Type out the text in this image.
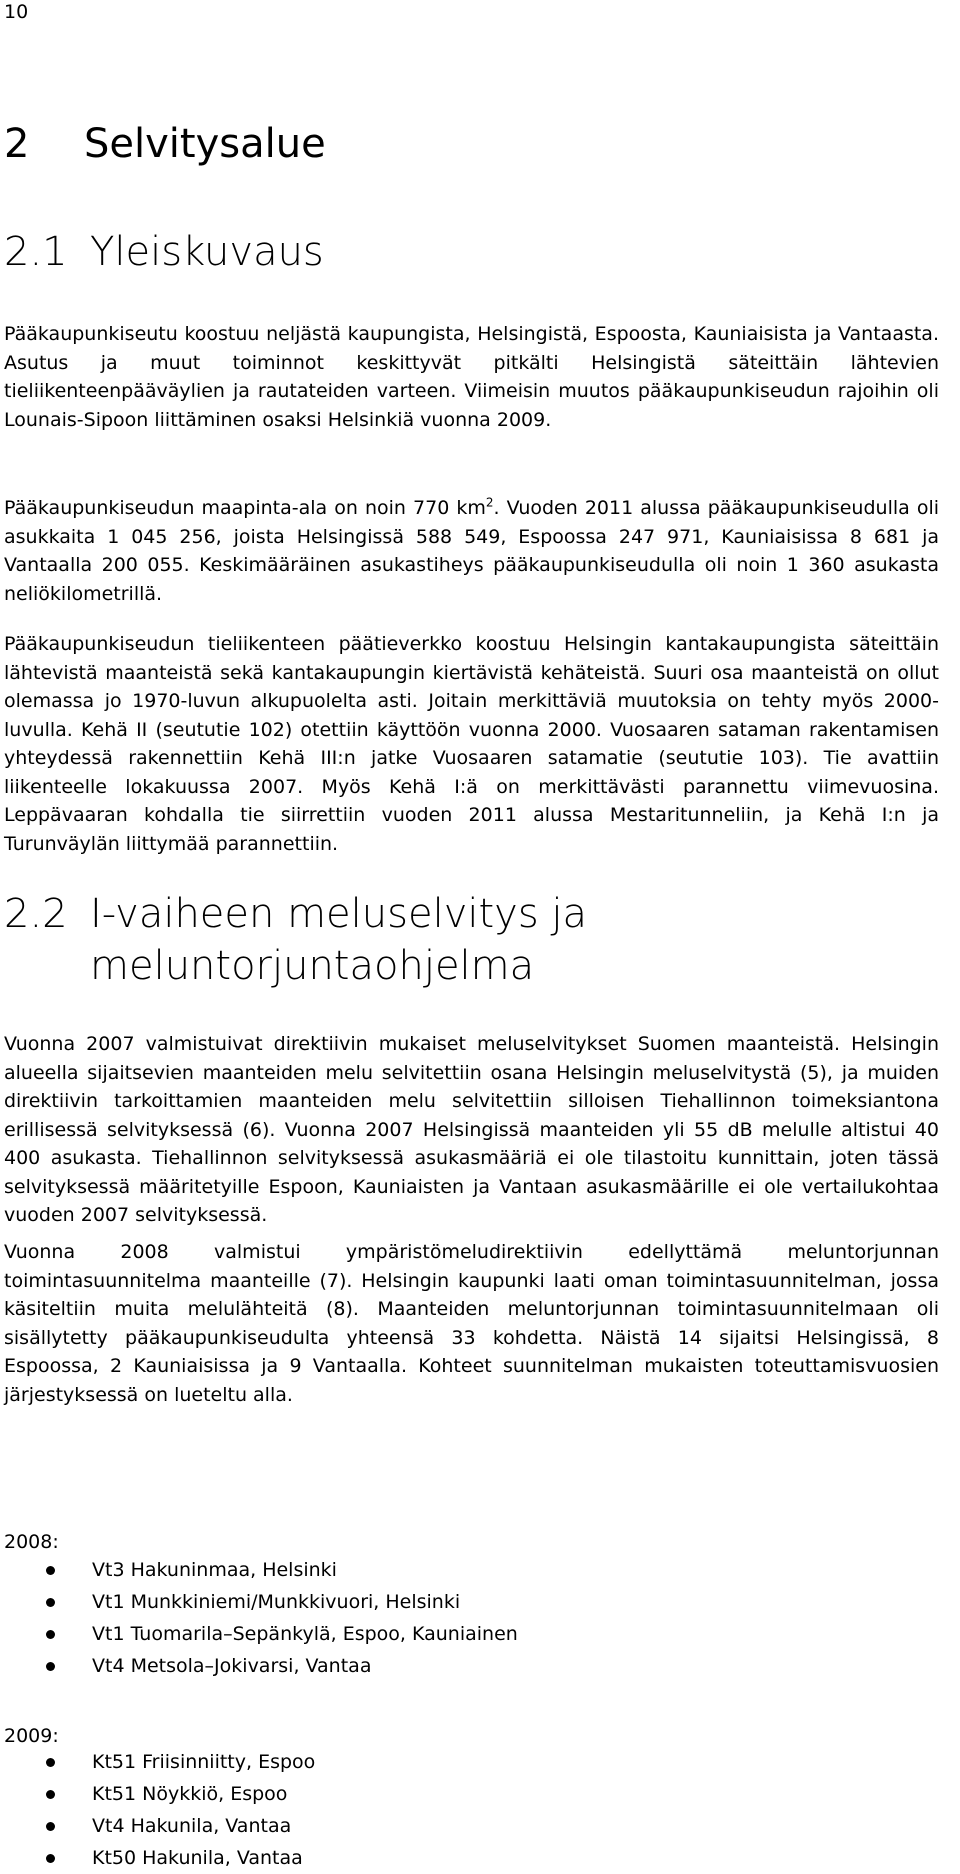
10
2 Selvitysalue
2.1 Yleiskuvaus

Pääkaupunkiseutu koostuu neljästä kaupungista, Helsingistä, Espoosta, Kauniaisista ja Vantaasta. Asutus ja muut toiminnot keskittyvät pitkälti Helsingistä säteittäin lähtevien tieliikenteenpääväylien ja rautateiden varteen. Viimeisin muutos pääkaupunkiseudun rajoihin oli Lounais-Sipoon liittäminen osaksi Helsinkiä vuonna 2009.

Pääkaupunkiseudun maapinta-ala on noin 770 $km^2$. Vuoden 2011 alussa pääkaupunkiseudulla oli asukkaita 1 045 256, joista Helsingissä 588 549, Espoossa 247 971, Kauniaisissa 8 681 ja Vantaalla 200 055. Keskimääräinen asukastiheys pääkaupunkiseudulla oli noin 1 360 asukasta neliökilometrillä.

Pääkaupunkiseudun tieliikenteen päätieverkko koostuu Helsingin kantakaupungista säteittäin lähtevistä maanteistä sekä kantakaupungin kiertävistä kehäteistä. Suuri osa maanteistä on ollut olemassa jo 1970-luvun alkupuolelta asti. Joitain merkittäviä muutoksia on tehty myös 2000-luvulla. Kehä II (seututie 102) otettiin käyttöön vuonna 2000. Vuosaaren sataman rakentamisen yhteydessä rakennettiin Kehä III:n jatke Vuosaaren satamatie (seututie 103). Tie avattiin liikenteelle lokakuussa 2007. Myös Kehä I:ä on merkittävästi parannettu viimevuosina. Leppävaaran kohdalla tie siirrettiin vuoden 2011 alussa Mestaritunneliin, ja Kehä I:n ja Turunväylän liittymää parannettiin.

2.2 I-vaiheen meluselvitys ja
meluntorjuntaohjelma

Vuonna 2007 valmistuivat direktiivin mukaiset meluselvitykset Suomen maanteistä. Helsingin alueella sijaitsevien maanteiden melu selvitettiin osana Helsingin meluselvitystä (5), ja muiden direktiivin tarkoittamien maanteiden melu selvitettiin silloisen Tiehallinnon toimeksiantona erillisessä selvityksessä (6). Vuonna 2007 Helsingissä maanteiden yli 55 dB melulle altistui 40 400 asukasta. Tiehallinnon selvityksessä asukasmääriä ei ole tilastoitu kunnittain, joten tässä selvityksessä määritetyille Espoon, Kauniaisten ja Vantaan asukasmäärille ei ole vertailukohtaa vuoden 2007 selvityksessä.

Vuonna 2008 valmistui ympäristömeludirektiivin edellyttämä meluntorjunnan toimintasuunnitelma maanteille (7). Helsingin kaupunki laati oman toimintasuunnitelman, jossa käsiteltiin muita melulähteitä (8). Maanteiden meluntorjunnan toimintasuunnitelmaan oli sisällytetty pääkaupunkiseudulta yhteensä 33 kohdetta. Näistä 14 sijaitsi Helsingissä, 8 Espoossa, 2 Kauniaisissa ja 9 Vantaalla. Kohteet suunnitelman mukaisten toteuttamisvuosien järjestyksessä on lueteltu alla.

2008:
Vt3 Hakuninmaa, Helsinki
Vt1 Munkkiniemi/Munkkivuori, Helsinki
Vt1 Tuomarila–Sepänkylä, Espoo, Kauniainen
Vt4 Metsola–Jokivarsi, Vantaa
2009:
Kt51 Friisinniitty, Espoo
Kt51 Nöykkiö, Espoo
Vt4 Hakunila, Vantaa
Kt50 Hakunila, Vantaa
